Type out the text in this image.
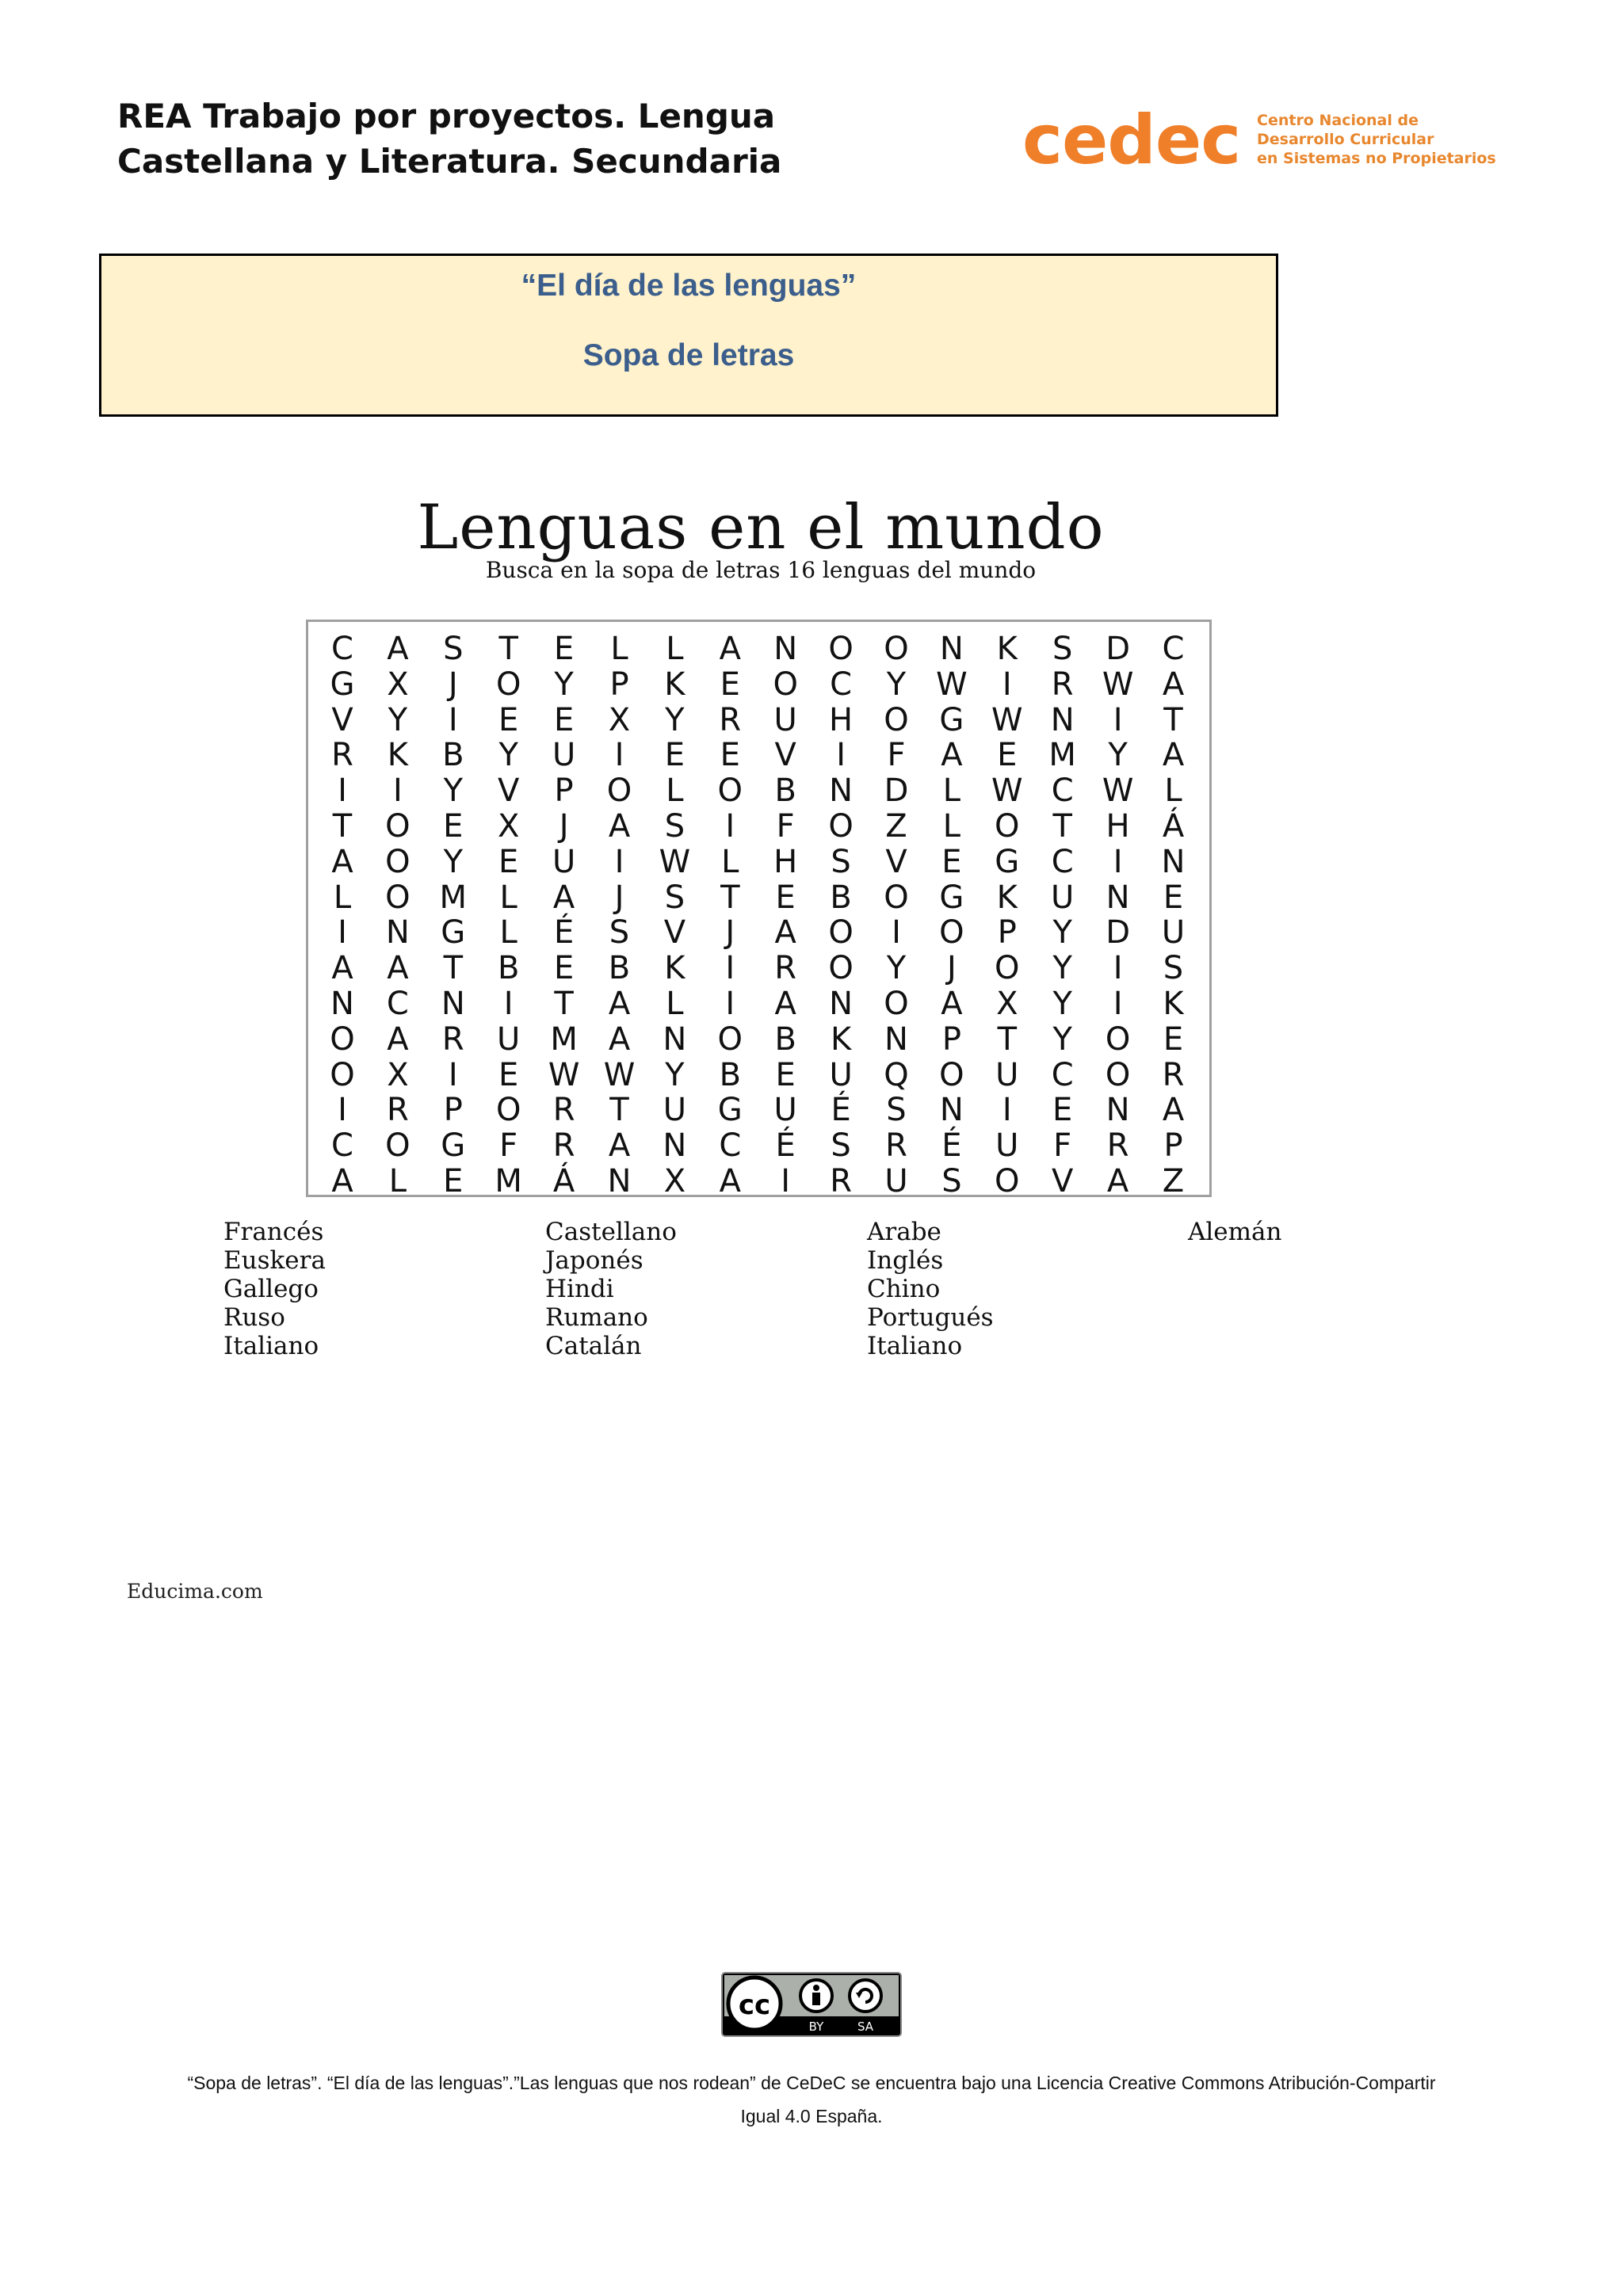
REA Trabajo por proyectos. Lengua
Castellana y Literatura. Secundaria	cedec Centro Nacional de
Desarrollo Curricular
en Sistemas no Propietarios
“El día de las lenguas”
Sopa de letras
Lenguas en el mundo
Busca en la sopa de letras 16 lenguas del mundo
C	A	S	T	E	L	L	A	N O O N	K	S	D	C
G	X	J	O	Y	P	K	E	O	C	Y W	I	R W A
V	Y	I	E	E	X	Y	R	U	H O G W N	I	T
R	K	B	Y	U	I	E	E	V	I	F	A	E M	Y	A
I	I	Y	V	P	O	L	O	B	N D	L W C W L
T	O	E	X	J	A	S	I	F	O	Z	L	O	T	H	Á
A	O	Y	E	U	I	W L	H	S	V	E	G	C	I	N
L	O M	L	A	J	S	T	E	B	O G	K	U	N	E
I	N G	L	É	S	V	J	A	O	I	O	P	Y	D U
A	A	T	B	E	B	K	I	R	O	Y	J	O	Y	I	S
N	C	N	I	T	A	L	I	A	N O	A	X	Y	I	K
O	A	R	U M A	N O	B	K	N	P	T	Y	O	E
O	X	I	E W W Y	B	E	U Q O U	C	O	R
I	R	P	O	R	T	U G U	É	S	N	I	E	N	A
C	O G	F	R	A	N	C	É	S	R	É	U	F	R	P
A	L	E M Á	N	X	A	I	R	U	S	O	V	A	Z
Francés
Euskera
Gallego
Ruso
Italiano
Castellano
Japonés
Hindi
Rumano
Catalán
Arabe
Inglés
Chino
Portugués
Italiano
Alemán
Educima.com
cc
BY	SA
“Sopa de letras”. “El día de las lenguas”.”Las lenguas que nos rodean” de CeDeC se encuentra bajo una Licencia Creative Commons Atribución-Compartir
Igual 4.0 España.
